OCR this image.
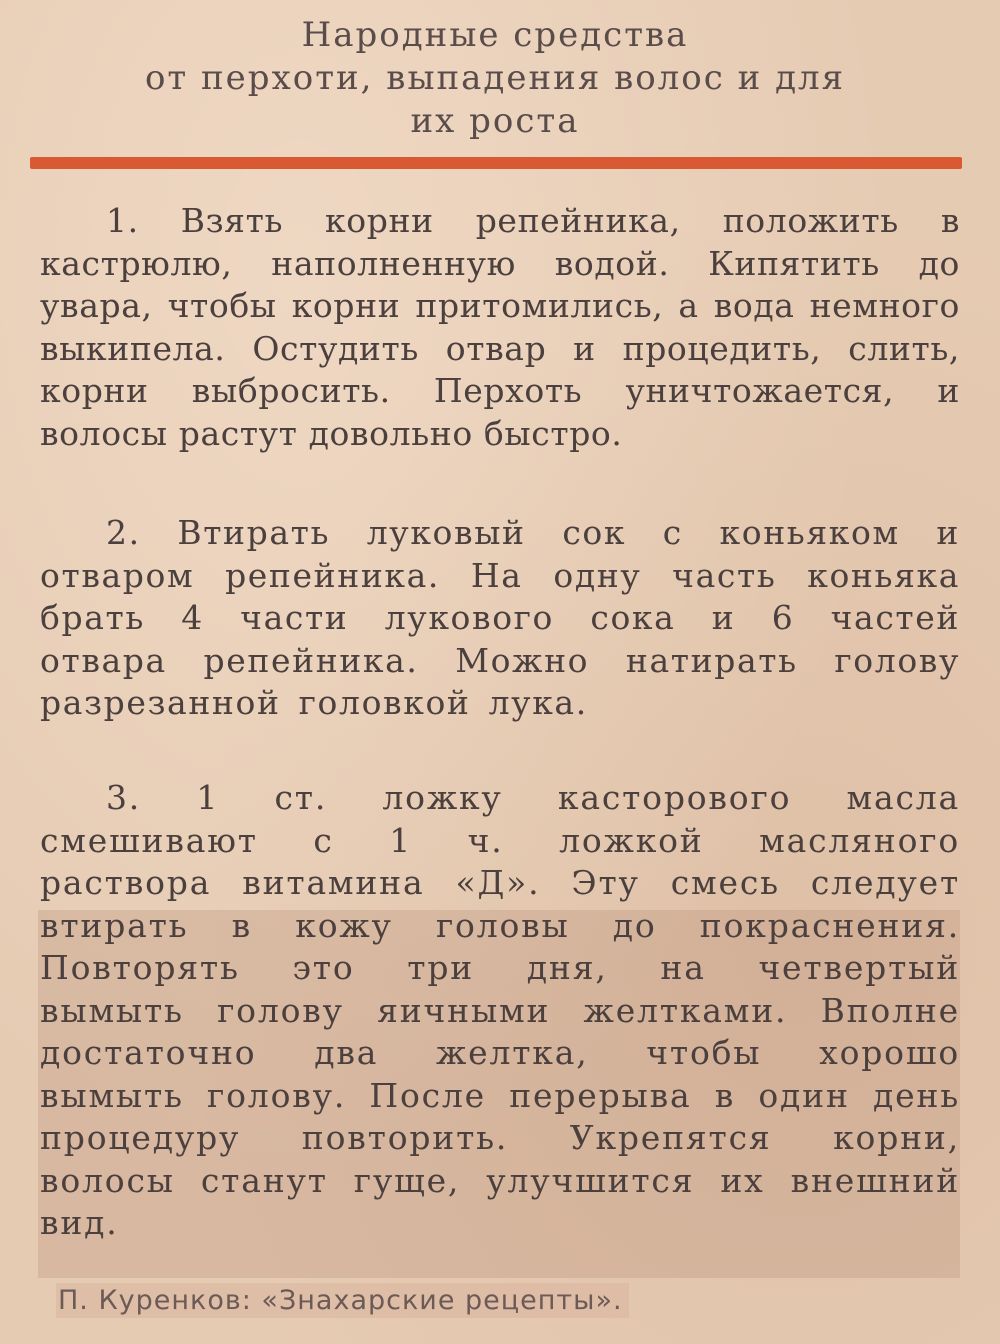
Народные средства
от перхоти, выпадения волос и для
их роста

1. Взять корни репейника, положить в кастрюлю, наполненную водой. Кипятить до увара, чтобы корни притомились, а вода немного выкипела. Остудить отвар и процедить, слить, корни выбросить. Перхоть уничтожается, и волосы растут довольно быстро.

2. Втирать луковый сок с коньяком и отваром репейника. На одну часть коньяка брать 4 части лукового сока и 6 частей отвара репейника. Можно натирать голову разрезанной головкой лука.

3. 1 ст. ложку касторового масла смешивают с 1 ч. ложкой масляного раствора витамина «Д». Эту смесь следует втирать в кожу головы до покраснения. Повторять это три дня, на четвертый вымыть голову яичными желтками. Вполне достаточно два желтка, чтобы хорошо вымыть голову. После перерыва в один день процедуру повторить. Укрепятся корни, волосы станут гуще, улучшится их внешний вид.

П. Куренков: «Знахарские рецепты».
